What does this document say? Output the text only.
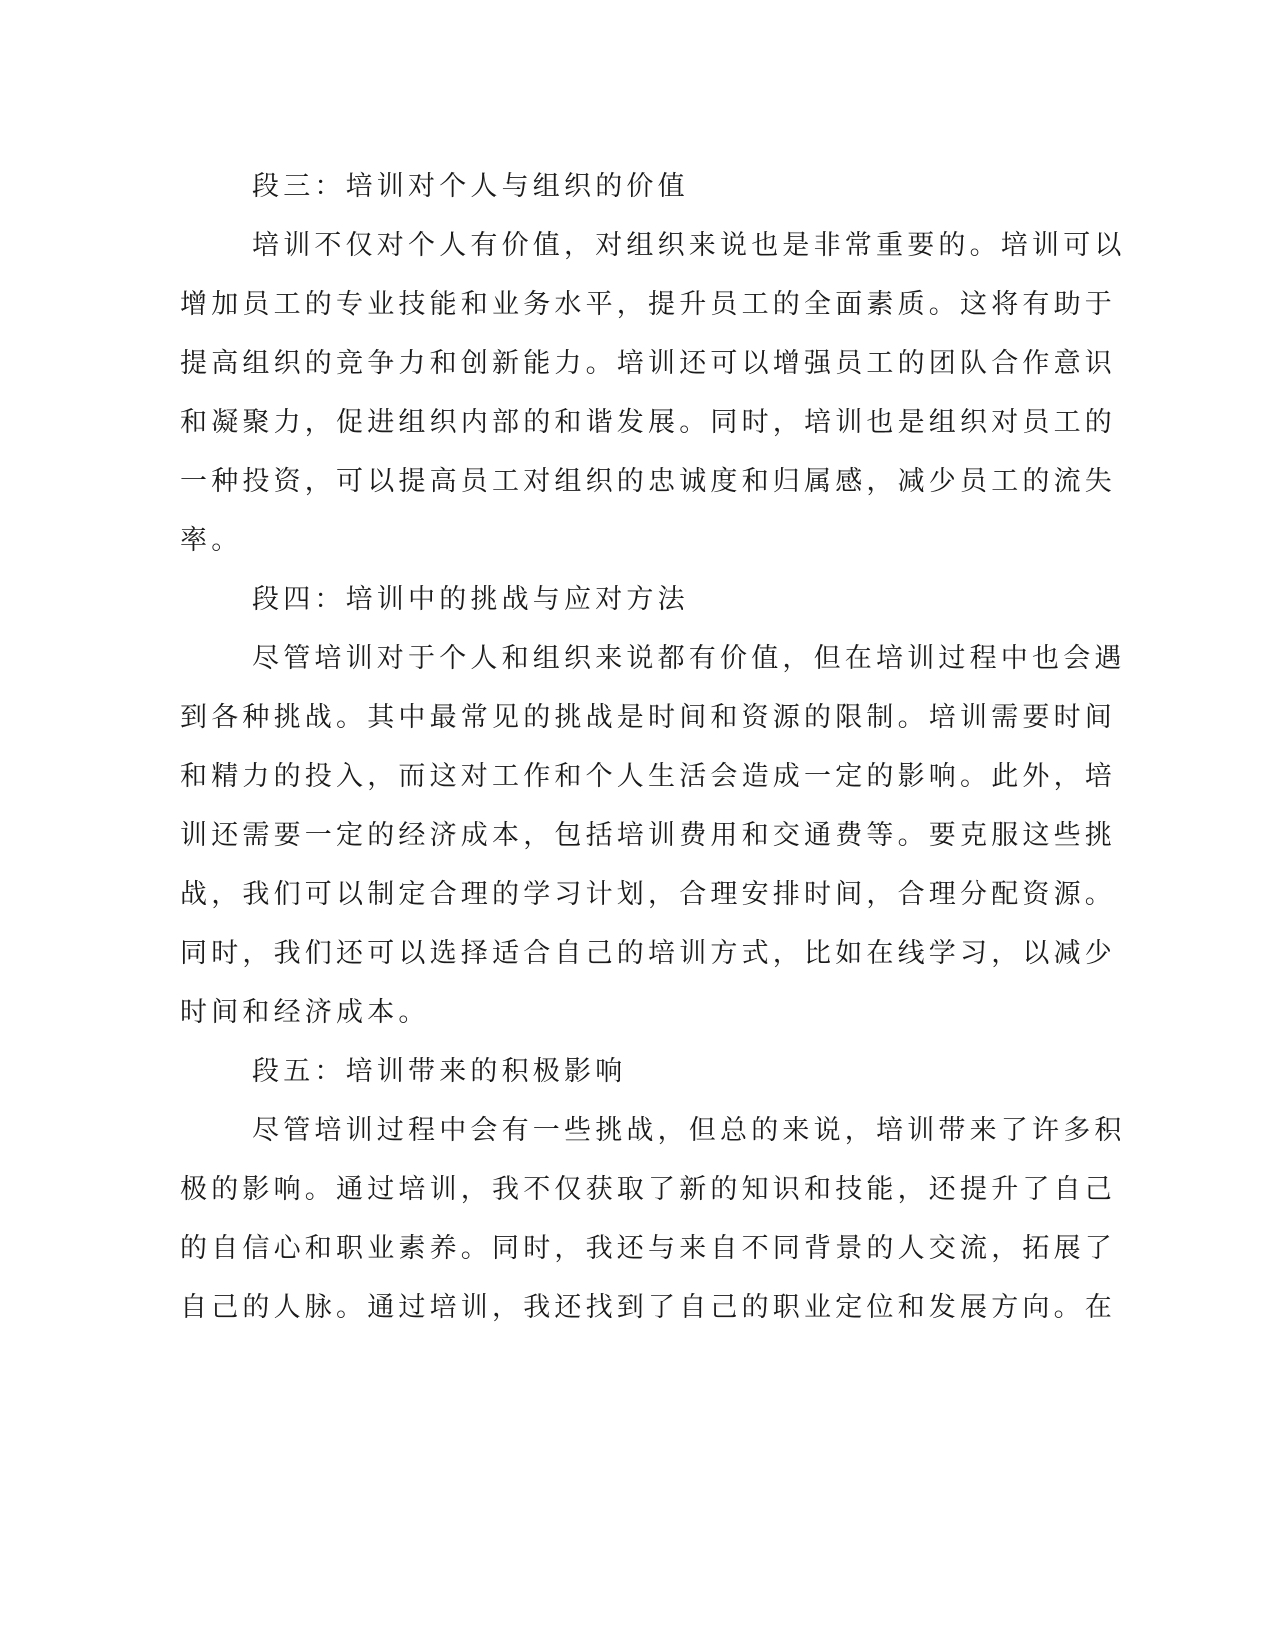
段三：培训对个人与组织的价值
培训不仅对个人有价值，对组织来说也是非常重要的。培训可以
增加员工的专业技能和业务水平，提升员工的全面素质。这将有助于
提高组织的竞争力和创新能力。培训还可以增强员工的团队合作意识
和凝聚力，促进组织内部的和谐发展。同时，培训也是组织对员工的
一种投资，可以提高员工对组织的忠诚度和归属感，减少员工的流失
率。
段四：培训中的挑战与应对方法
尽管培训对于个人和组织来说都有价值，但在培训过程中也会遇
到各种挑战。其中最常见的挑战是时间和资源的限制。培训需要时间
和精力的投入，而这对工作和个人生活会造成一定的影响。此外，培
训还需要一定的经济成本，包括培训费用和交通费等。要克服这些挑
战，我们可以制定合理的学习计划，合理安排时间，合理分配资源。
同时，我们还可以选择适合自己的培训方式，比如在线学习，以减少
时间和经济成本。
段五：培训带来的积极影响
尽管培训过程中会有一些挑战，但总的来说，培训带来了许多积
极的影响。通过培训，我不仅获取了新的知识和技能，还提升了自己
的自信心和职业素养。同时，我还与来自不同背景的人交流，拓展了
自己的人脉。通过培训，我还找到了自己的职业定位和发展方向。在
